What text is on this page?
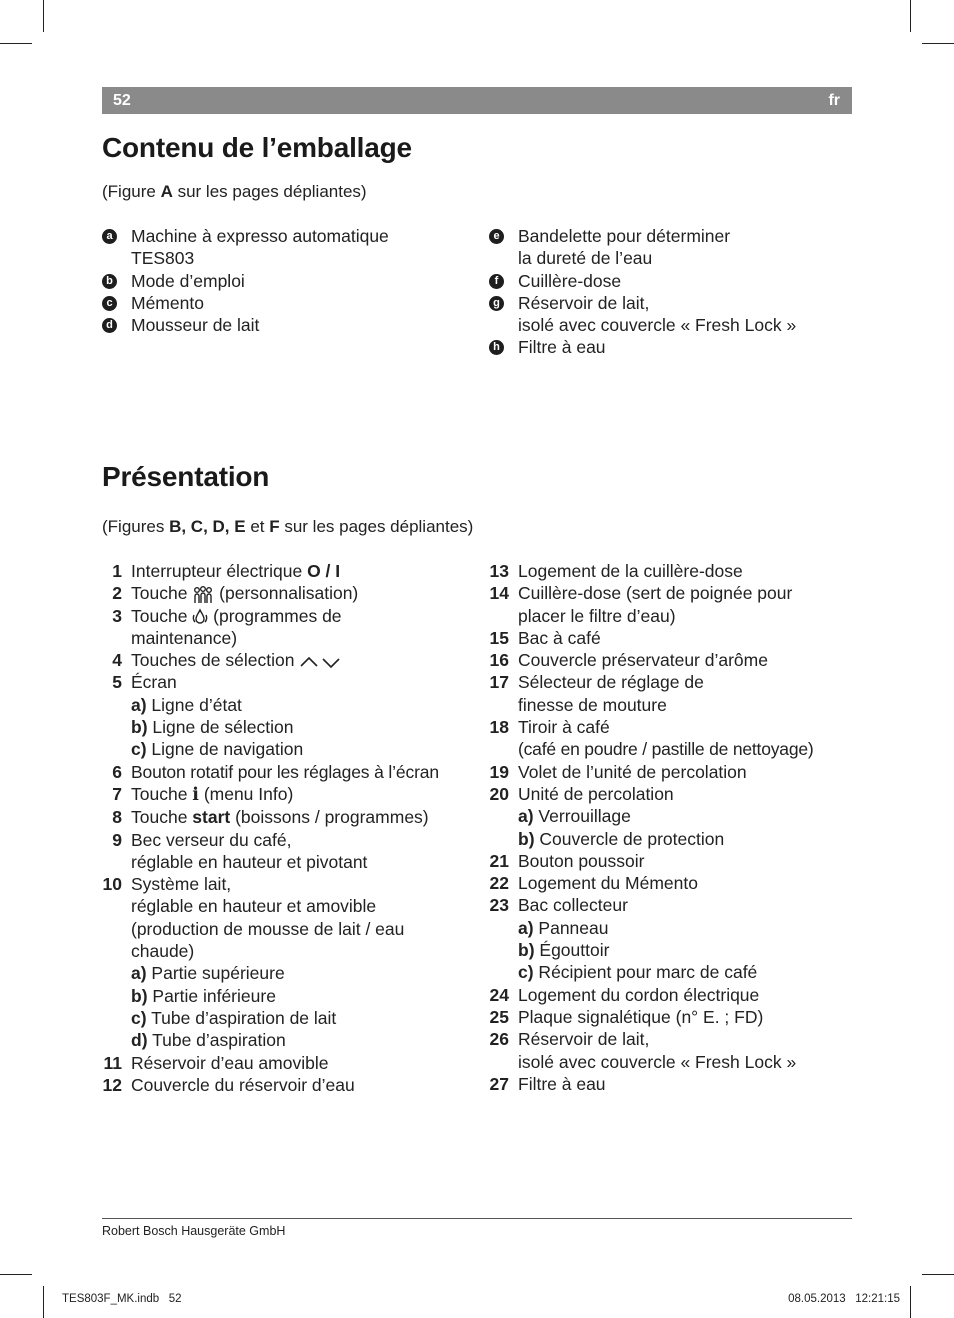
52	fr
Contenu de l’emballage
(Figure A sur les pages dépliantes)
a Machine à expresso automatique
TES803
b Mode d’emploi
c Mémento
d Mousseur de lait
e Bandelette pour déterminer
la dureté de l’eau
f	Cuillère-dose
g Réservoir de lait,
isolé avec couvercle « Fresh Lock »
h Filtre à eau
Présentation
(Figures B, C, D, E et F sur les pages dépliantes)
1 Interrupteur électrique O / I
2 Touche  (personnalisation)
3 Touche  (programmes de
maintenance)
4 Touches de sélection
5 Écran
a) Ligne d’état
b) Ligne de sélection
c) Ligne de navigation
6 Bouton rotatif pour les réglages à l’écran
7 Touche i (menu Info)
8 Touche start (boissons / programmes)
9 Bec verseur du café,
réglable en hauteur et pivotant
10 Système lait,
réglable en hauteur et amovible
(production de mousse de lait / eau
chaude)
a) Partie supérieure
b) Partie inférieure
c) Tube d’aspiration de lait
d) Tube d’aspiration
11 Réservoir d’eau amovible
12 Couvercle du réservoir d’eau
13 Logement de la cuillère-dose
14 Cuillère-dose (sert de poignée pour
placer le filtre d’eau)
15 Bac à café
16 Couvercle préservateur d’arôme
17 Sélecteur de réglage de
finesse de mouture
18 Tiroir à café
(café en poudre / pastille de nettoyage)
19 Volet de l’unité de percolation
20 Unité de percolation
a) Verrouillage
b) Couvercle de protection
21 Bouton poussoir
22 Logement du Mémento
23 Bac collecteur
a) Panneau
b) Égouttoir
c) Récipient pour marc de café
24 Logement du cordon électrique
25 Plaque signalétique (n° E. ; FD)
26 Réservoir de lait,
isolé avec couvercle « Fresh Lock »
27 Filtre à eau
Robert Bosch Hausgeräte GmbH
TES803F_MK.indb   52	08.05.2013   12:21:15
